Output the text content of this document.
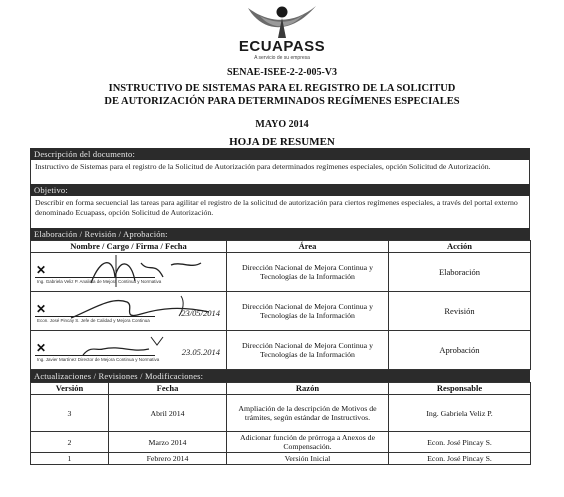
ECUAPASS
A servicio de su empresa
SENAE-ISEE-2-2-005-V3
INSTRUCTIVO DE SISTEMAS PARA EL REGISTRO DE LA SOLICITUD
DE AUTORIZACIÓN PARA DETERMINADOS REGÍMENES ESPECIALES
MAYO 2014
HOJA DE RESUMEN
Descripción del documento:
Instructivo de Sistemas para el registro de la Solicitud de Autorización para determinados regímenes especiales, opción Solicitud de Autorización.
Objetivo:
Describir en forma secuencial las tareas para agilitar el registro de la solicitud de autorización para ciertos regímenes especiales, a través del portal externo denominado Ecuapass, opción Solicitud de Autorización.
Elaboración / Revisión / Aprobación:
Nombre / Cargo / Firma / Fecha	Área	Acción

✕
Ing. Gabriela Veliz P. Analista de Mejora Continua y Normativa	Dirección Nacional de Mejora Continua y Tecnologías de la Información	Elaboración

✕
Econ. José Pincay S. Jefe de Calidad y Mejora Continua
23/05/2014	Dirección Nacional de Mejora Continua y Tecnologías de la Información	Revisión

✕
Ing. Javier Martínez Director de Mejora Continua y Normativa
23.05.2014	Dirección Nacional de Mejora Continua y Tecnologías de la Información	Aprobación
Actualizaciones / Revisiones / Modificaciones:
Versión	Fecha	Razón	Responsable
3	Abril 2014	Ampliación de la descripción de Motivos de trámites, según estándar de Instructivos.	Ing. Gabriela Veliz P.
2	Marzo 2014	Adicionar función de prórroga a Anexos de Compensación.	Econ. José Pincay S.
1	Febrero 2014	Versión Inicial	Econ. José Pincay S.
